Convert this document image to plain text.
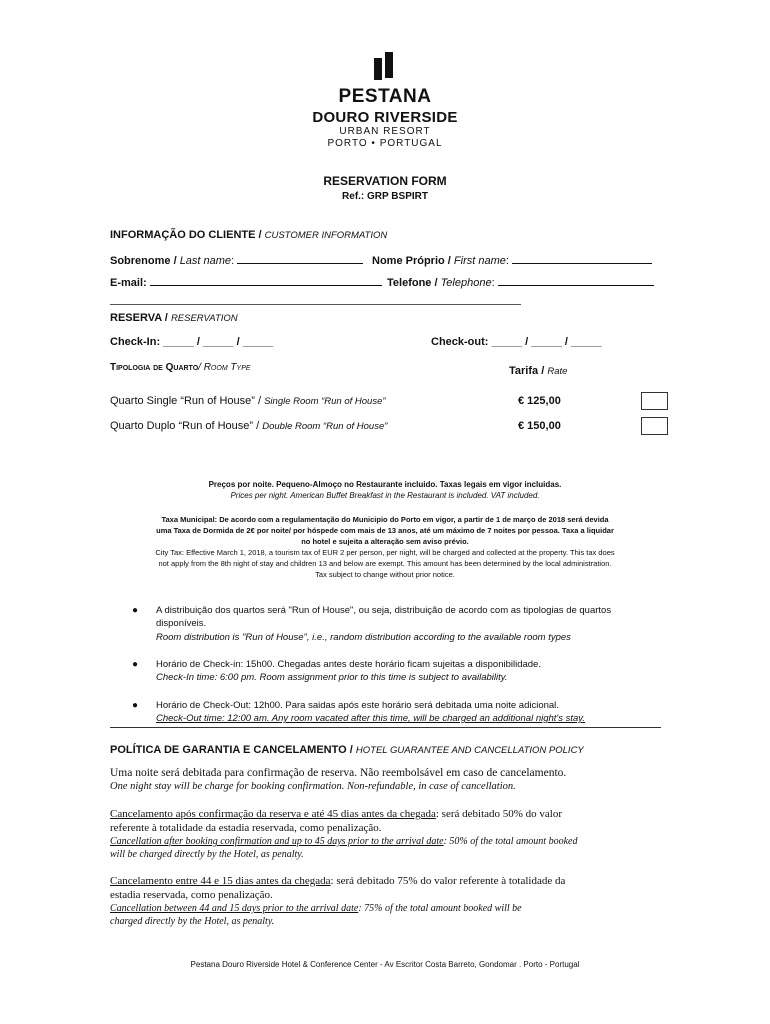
PESTANA
DOURO RIVERSIDE
URBAN RESORT
PORTO • PORTUGAL
RESERVATION FORM
Ref.: GRP BSPIRT
INFORMAÇÃO DO CLIENTE / CUSTOMER INFORMATION
Sobrenome / Last name:	Nome Próprio / First name:
E-mail:	Telefone / Telephone:
RESERVA / RESERVATION
Check-In: _____ / _____ / _____	Check-out: _____ / _____ / _____
Tipologia de Quarto/ Room Type	Tarifa / Rate
Quarto Single “Run of House” / Single Room “Run of House”	€ 125,00
Quarto Duplo “Run of House” / Double Room “Run of House”	€ 150,00
Preços por noite. Pequeno-Almoço no Restaurante incluido. Taxas legais em vigor incluidas.
Prices per night. American Buffet Breakfast in the Restaurant is included. VAT included.
Taxa Municipal: De acordo com a regulamentação do Municipio do Porto em vigor, a partir de 1 de março de 2018 será devida
uma Taxa de Dormida de 2€ por noite/ por hóspede com mais de 13 anos, até um máximo de 7 noites por pessoa. Taxa a liquidar
no hotel e sujeita a alteração sem aviso prévio.
City Tax: Effective March 1, 2018, a tourism tax of EUR 2 per person, per night, will be charged and collected at the property. This tax does
not apply from the 8th night of stay and children 13 and below are exempt. This amount has been determined by the local administration.
Tax subject to change without prior notice.
● A distribuição dos quartos será "Run of House", ou seja, distribuição de acordo com as tipologias de quartos
disponíveis.
Room distribution is "Run of House", i.e., random distribution according to the available room types
● Horário de Check-in: 15h00. Chegadas antes deste horário ficam sujeitas a disponibilidade.
Check-In time: 6:00 pm. Room assignment prior to this time is subject to availability.
● Horário de Check-Out: 12h00. Para saidas após este horário será debitada uma noite adicional.
Check-Out time: 12:00 am. Any room vacated after this time, will be charged an additional night's stay.
POLÍTICA DE GARANTIA E CANCELAMENTO / HOTEL GUARANTEE AND CANCELLATION POLICY
Uma noite será debitada para confirmação de reserva. Não reembolsável em caso de cancelamento.
One night stay will be charge for booking confirmation. Non-refundable, in case of cancellation.
Cancelamento após confirmação da reserva e até 45 dias antes da chegada: será debitado 50% do valor
referente à totalidade da estadia reservada, como penalização.
Cancellation after booking confirmation and up to 45 days prior to the arrival date: 50% of the total amount booked
will be charged directly by the Hotel, as penalty.
Cancelamento entre 44 e 15 dias antes da chegada: será debitado 75% do valor referente à totalidade da
estadia reservada, como penalização.
Cancellation between 44 and 15 days prior to the arrival date: 75% of the total amount booked will be
charged directly by the Hotel, as penalty.
Pestana Douro Riverside Hotel & Conference Center - Av Escritor Costa Barreto, Gondomar . Porto - Portugal
